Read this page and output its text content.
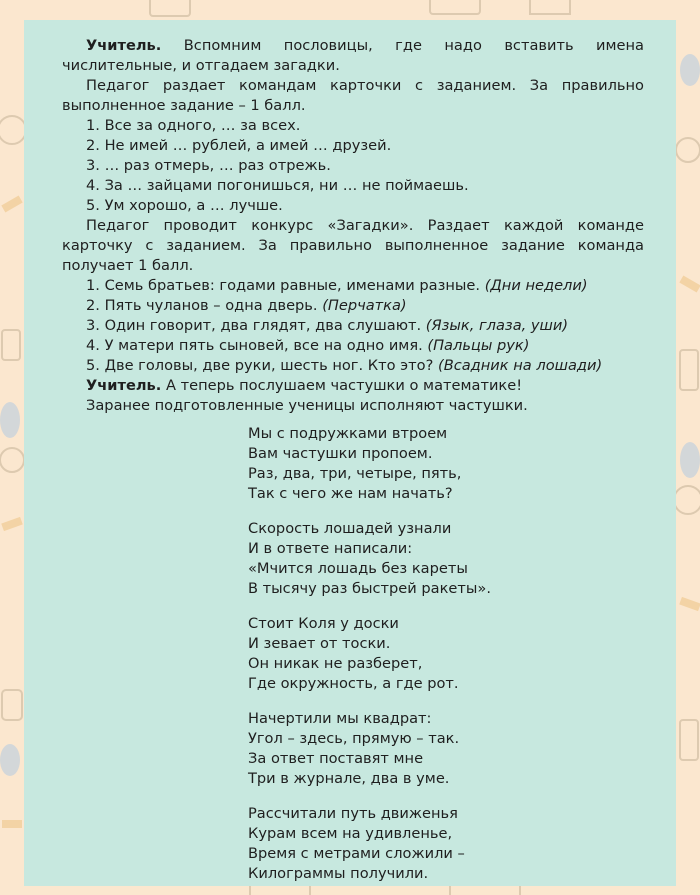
Учитель. Вспомним пословицы, где надо вставить имена числительные, и отгадаем загадки.

Педагог раздает командам карточки с заданием. За правильно выполненное задание – 1 балл.

1. Все за одного, … за всех.

2. Не имей … рублей, а имей … друзей.

3. … раз отмерь, … раз отрежь.

4. За … зайцами погонишься, ни … не поймаешь.

5. Ум хорошо, а … лучше.

Педагог проводит конкурс «Загадки». Раздает каждой команде карточку с заданием. За правильно выполненное задание команда получает 1 балл.

1. Семь братьев: годами равные, именами разные. (Дни недели)

2. Пять чуланов – одна дверь. (Перчатка)

3. Один говорит, два глядят, два слушают. (Язык, глаза, уши)

4. У матери пять сыновей, все на одно имя. (Пальцы рук)

5. Две головы, две руки, шесть ног. Кто это? (Всадник на лошади)

Учитель. А теперь послушаем частушки о математике!

Заранее подготовленные ученицы исполняют частушки.

Мы с подружками втроем
Вам частушки пропоем.
Раз, два, три, четыре, пять,
Так с чего же нам начать?
Скорость лошадей узнали
И в ответе написали:
«Мчится лошадь без кареты
В тысячу раз быстрей ракеты».
Стоит Коля у доски
И зевает от тоски.
Он никак не разберет,
Где окружность, а где рот.
Начертили мы квадрат:
Угол – здесь, прямую – так.
За ответ поставят мне
Три в журнале, два в уме.
Рассчитали путь движенья
Курам всем на удивленье,
Время с метрами сложили –
Килограммы получили.
